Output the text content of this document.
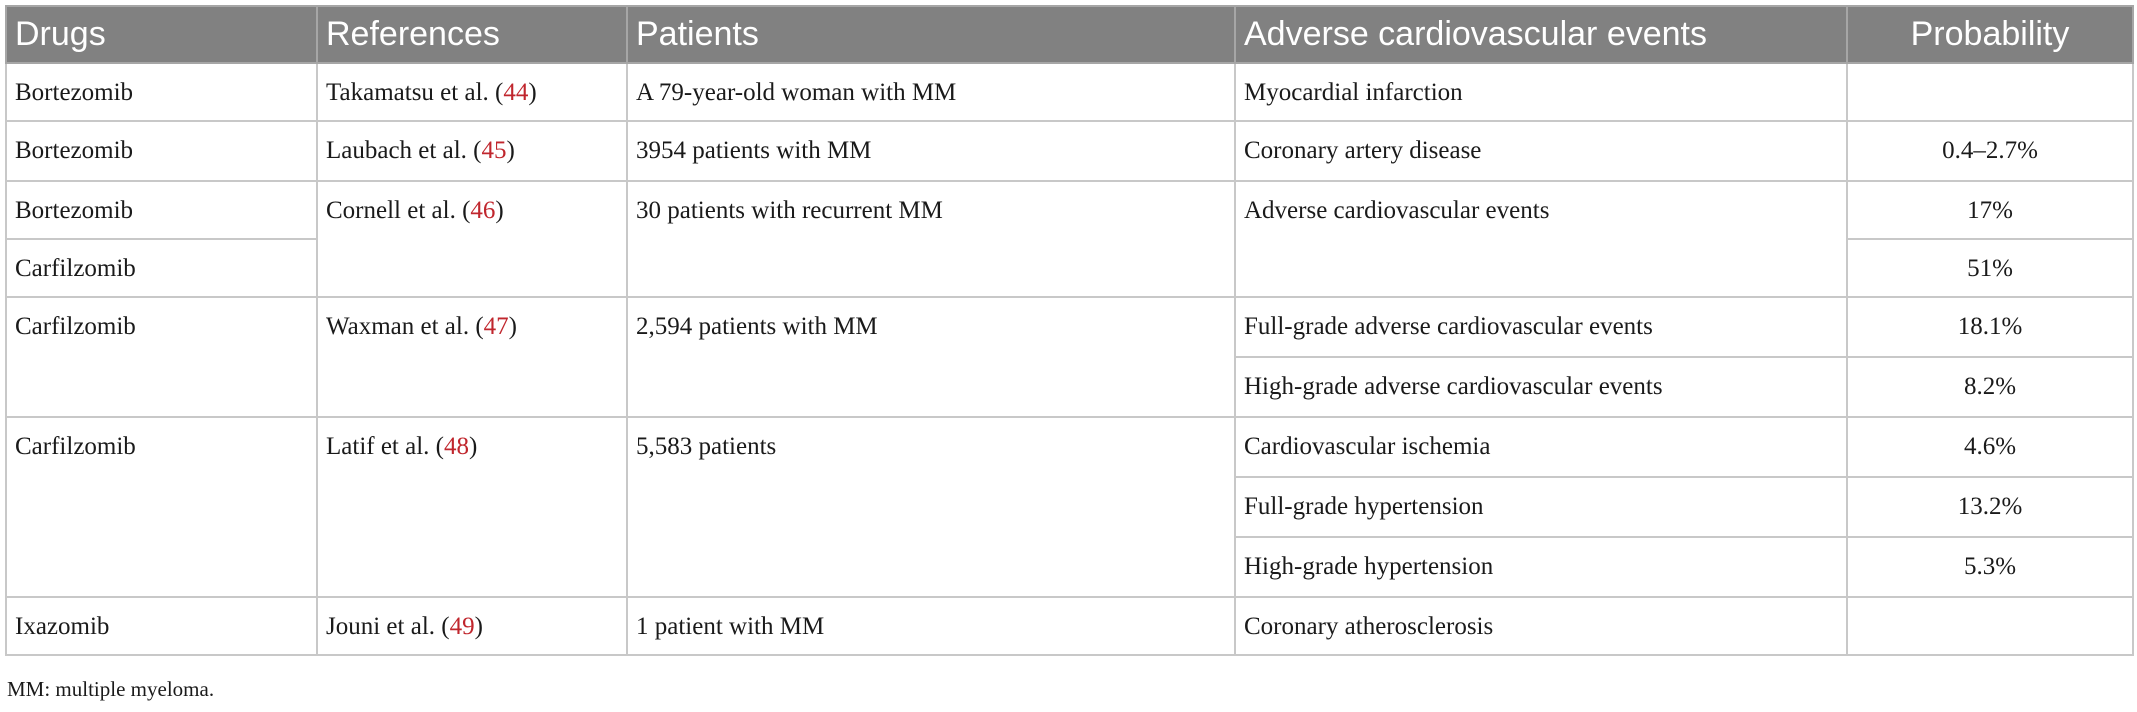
Drugs	References	Patients	Adverse cardiovascular events	Probability
Bortezomib	Takamatsu et al. (44)	A 79-year-old woman with MM	Myocardial infarction	
Bortezomib	Laubach et al. (45)	3954 patients with MM	Coronary artery disease	0.4–2.7%
Bortezomib	Cornell et al. (46)	30 patients with recurrent MM	Adverse cardiovascular events	17%
Carfilzomib				51%
Carfilzomib	Waxman et al. (47)	2,594 patients with MM	Full-grade adverse cardiovascular events	18.1%
			High-grade adverse cardiovascular events	8.2%
Carfilzomib	Latif et al. (48)	5,583 patients	Cardiovascular ischemia	4.6%
			Full-grade hypertension	13.2%
			High-grade hypertension	5.3%
Ixazomib	Jouni et al. (49)	1 patient with MM	Coronary atherosclerosis	
MM: multiple myeloma.
